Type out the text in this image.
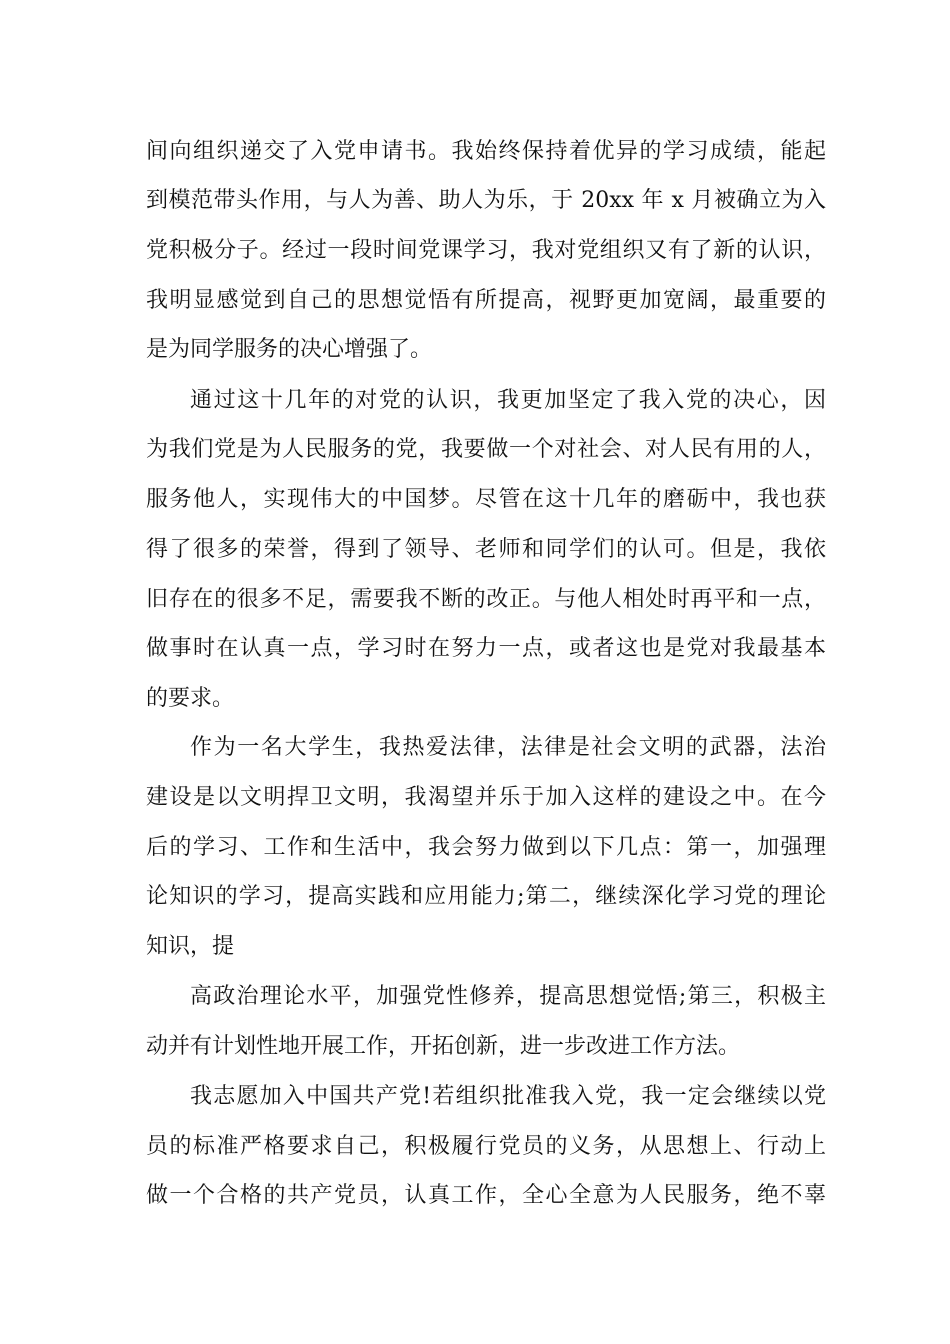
间向组织递交了入党申请书。我始终保持着优异的学习成绩，能起
到模范带头作用，与人为善、助人为乐，于 20xx 年 x 月被确立为入
党积极分子。经过一段时间党课学习，我对党组织又有了新的认识，
我明显感觉到自己的思想觉悟有所提高，视野更加宽阔，最重要的
是为同学服务的决心增强了。
通过这十几年的对党的认识，我更加坚定了我入党的决心，因
为我们党是为人民服务的党，我要做一个对社会、对人民有用的人，
服务他人，实现伟大的中国梦。尽管在这十几年的磨砺中，我也获
得了很多的荣誉，得到了领导、老师和同学们的认可。但是，我依
旧存在的很多不足，需要我不断的改正。与他人相处时再平和一点，
做事时在认真一点，学习时在努力一点，或者这也是党对我最基本
的要求。
作为一名大学生，我热爱法律，法律是社会文明的武器，法治
建设是以文明捍卫文明，我渴望并乐于加入这样的建设之中。在今
后的学习、工作和生活中，我会努力做到以下几点：第一，加强理
论知识的学习，提高实践和应用能力;第二，继续深化学习党的理论
知识，提
高政治理论水平，加强党性修养，提高思想觉悟;第三，积极主
动并有计划性地开展工作，开拓创新，进一步改进工作方法。
我志愿加入中国共产党!若组织批准我入党，我一定会继续以党
员的标准严格要求自己，积极履行党员的义务，从思想上、行动上
做一个合格的共产党员，认真工作，全心全意为人民服务，绝不辜
